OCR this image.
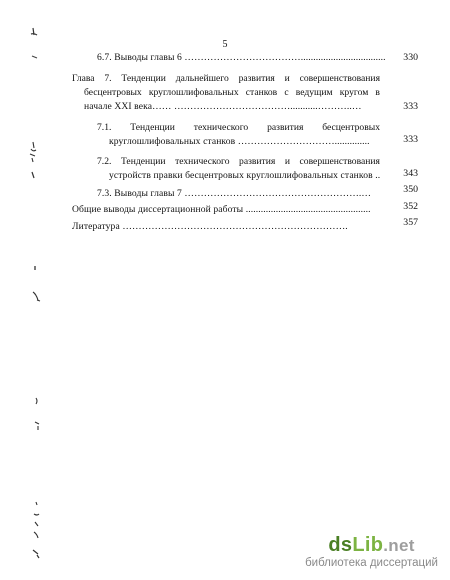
5
6.7. Выводы главы 6 ………………………………..................................	330
Глава 7. Тенденции дальнейшего развития и совершенствования
бесцентровых круглошлифовальных станков с ведущим кругом в
начале XXI века…… ………………………………...........………..…	333
7.1. Тенденции технического развития бесцентровых
круглошлифовальных станков …………………………..............	333
7.2. Тенденции технического развития и совершенствования
устройств правки бесцентровых круглошлифовальных станков ..	343
7.3. Выводы главы 7 ……………………………………………….…	350
Общие выводы диссертационной работы ..................................................	352
Литература …………………………………………………………….	357
dsLib.net
библиотека диссертаций
